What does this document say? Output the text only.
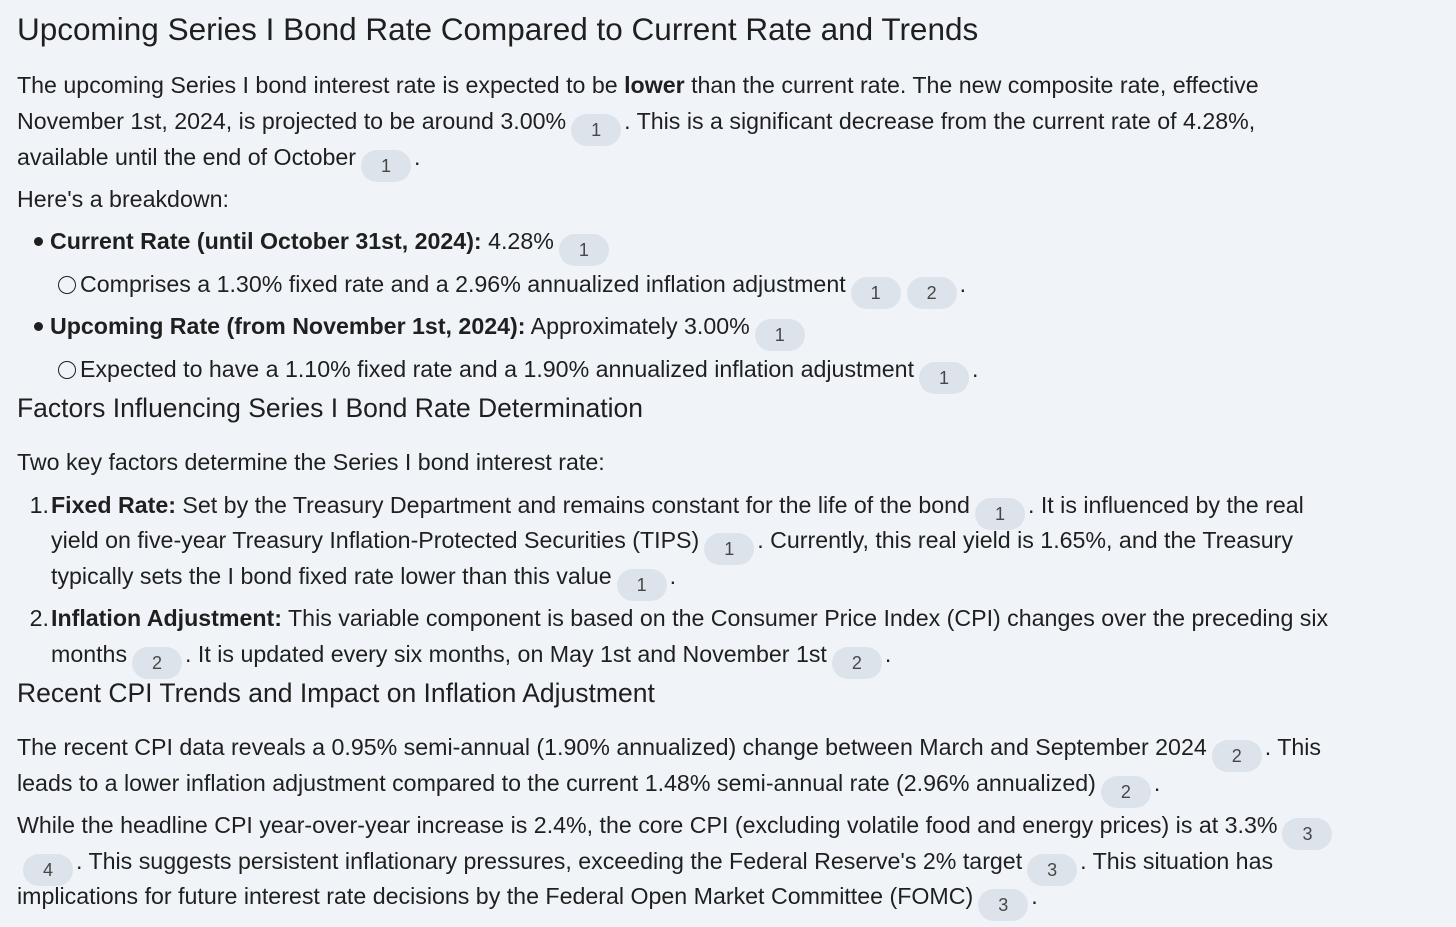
Upcoming Series I Bond Rate Compared to Current Rate and Trends
The upcoming Series I bond interest rate is expected to be lower than the current rate. The new composite rate, effective
November 1st, 2024, is projected to be around 3.00% 1 . This is a significant decrease from the current rate of 4.28%,
available until the end of October 1 .
Here's a breakdown:
Current Rate (until October 31st, 2024): 4.28% 1
Comprises a 1.30% fixed rate and a 2.96% annualized inflation adjustment 1	2 .
Upcoming Rate (from November 1st, 2024): Approximately 3.00% 1
Expected to have a 1.10% fixed rate and a 1.90% annualized inflation adjustment 1 .
Factors Influencing Series I Bond Rate Determination
Two key factors determine the Series I bond interest rate:
1.Fixed Rate: Set by the Treasury Department and remains constant for the life of the bond 1 . It is influenced by the real
yield on five-year Treasury Inflation-Protected Securities (TIPS) 1 . Currently, this real yield is 1.65%, and the Treasury
typically sets the I bond fixed rate lower than this value 1 .
2.Inflation Adjustment: This variable component is based on the Consumer Price Index (CPI) changes over the preceding six
months 2 . It is updated every six months, on May 1st and November 1st 2 .
Recent CPI Trends and Impact on Inflation Adjustment
The recent CPI data reveals a 0.95% semi-annual (1.90% annualized) change between March and September 2024 2 . This
leads to a lower inflation adjustment compared to the current 1.48% semi-annual rate (2.96% annualized) 2 .
While the headline CPI year-over-year increase is 2.4%, the core CPI (excluding volatile food and energy prices) is at 3.3% 3
4 . This suggests persistent inflationary pressures, exceeding the Federal Reserve's 2% target 3 . This situation has
implications for future interest rate decisions by the Federal Open Market Committee (FOMC) 3 .
